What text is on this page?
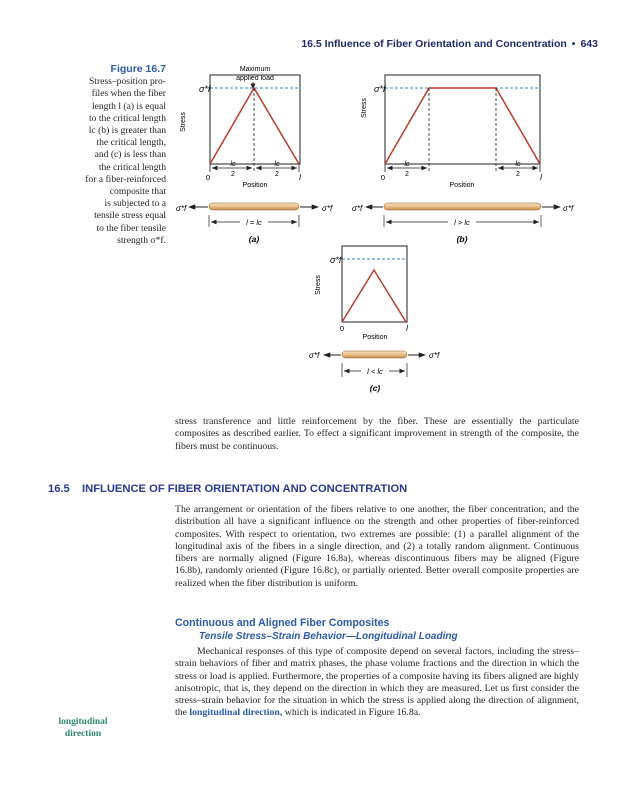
16.5 Influence of Fiber Orientation and Concentration • 643
Figure 16.7
Stress–position pro-
files when the fiber
length l (a) is equal
to the critical length
lc (b) is greater than
the critical length,
and (c) is less than
the critical length
for a fiber-reinforced
composite that
is subjected to a
tensile stress equal
to the fiber tensile
strength σ*f.
Maximum
applied load
Stress
σ*f
lc
2
lc
2
0	l
Position
σ*f	σ*f
l = lc
(a)
Stress
σ*f
lc
2
lc
2
0	l
Position
σ*f	σ*f
l > lc
(b)
Stress
σ*f
0	l
Position
σ*f	σ*f
l < lc
(c)
stress transference and little reinforcement by the fiber. These are essentially the particulate composites as described earlier. To effect a significant improvement in strength of the composite, the fibers must be continuous.
16.5 INFLUENCE OF FIBER ORIENTATION AND CONCENTRATION
The arrangement or orientation of the fibers relative to one another, the fiber concentration, and the distribution all have a significant influence on the strength and other properties of fiber-reinforced composites. With respect to orientation, two extremes are possible: (1) a parallel alignment of the longitudinal axis of the fibers in a single direction, and (2) a totally random alignment. Continuous fibers are normally aligned (Figure 16.8a), whereas discontinuous fibers may be aligned (Figure 16.8b), randomly oriented (Figure 16.8c), or partially oriented. Better overall composite properties are realized when the fiber distribution is uniform.
Continuous and Aligned Fiber Composites
Tensile Stress–Strain Behavior—Longitudinal Loading
Mechanical responses of this type of composite depend on several factors, including the stress–strain behaviors of fiber and matrix phases, the phase volume fractions and the direction in which the stress or load is applied. Furthermore, the properties of a composite having its fibers aligned are highly anisotropic, that is, they depend on the direction in which they are measured. Let us first consider the stress–strain behavior for the situation in which the stress is applied along the direction of alignment, the longitudinal direction, which is indicated in Figure 16.8a.
longitudinal direction
